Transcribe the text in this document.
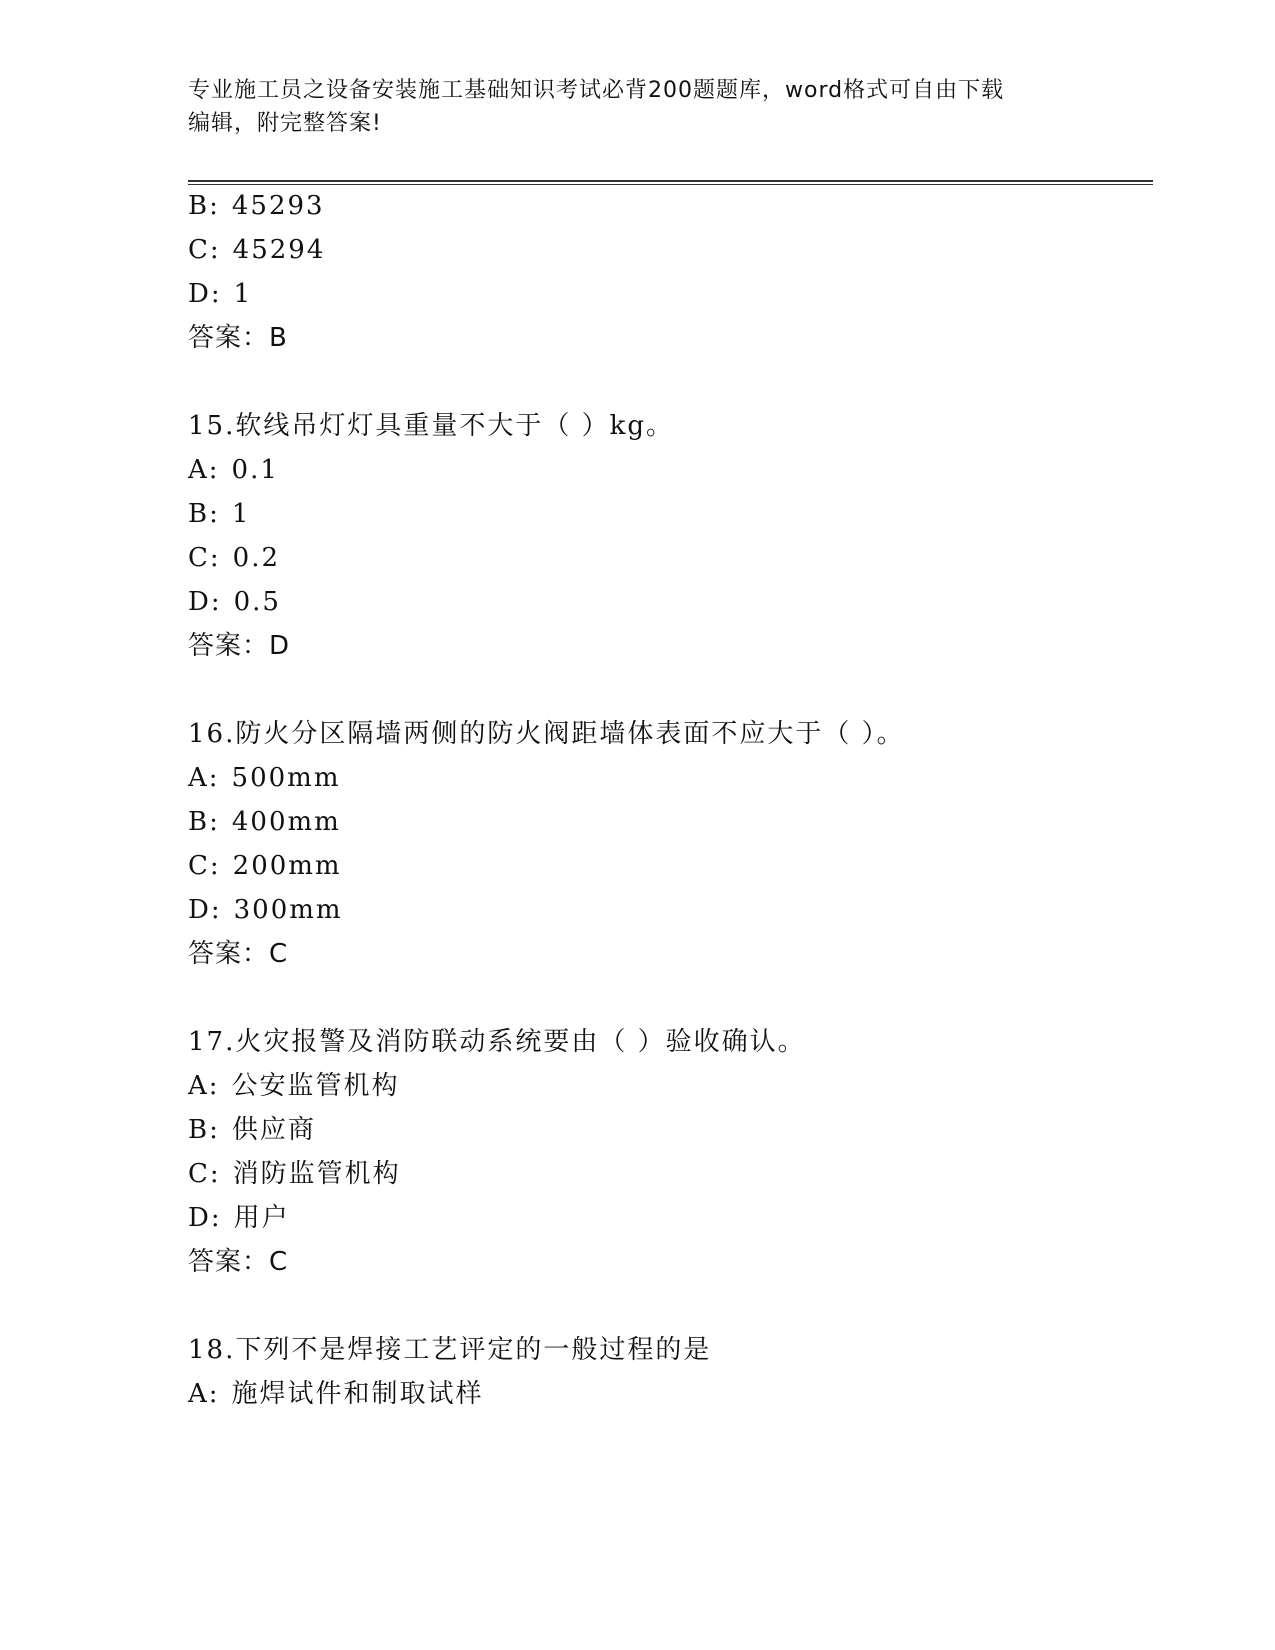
专业施工员之设备安装施工基础知识考试必背200题题库，word格式可自由下载
编辑，附完整答案!
B: 45293
C: 45294
D: 1
答案：B
15.软线吊灯灯具重量不大于（ ）kg。
A: 0.1
B: 1
C: 0.2
D: 0.5
答案：D
16.防火分区隔墙两侧的防火阀距墙体表面不应大于（ ）。
A: 500mm
B: 400mm
C: 200mm
D: 300mm
答案：C
17.火灾报警及消防联动系统要由（ ）验收确认。
A: 公安监管机构
B: 供应商
C: 消防监管机构
D: 用户
答案：C
18.下列不是焊接工艺评定的一般过程的是
A: 施焊试件和制取试样
